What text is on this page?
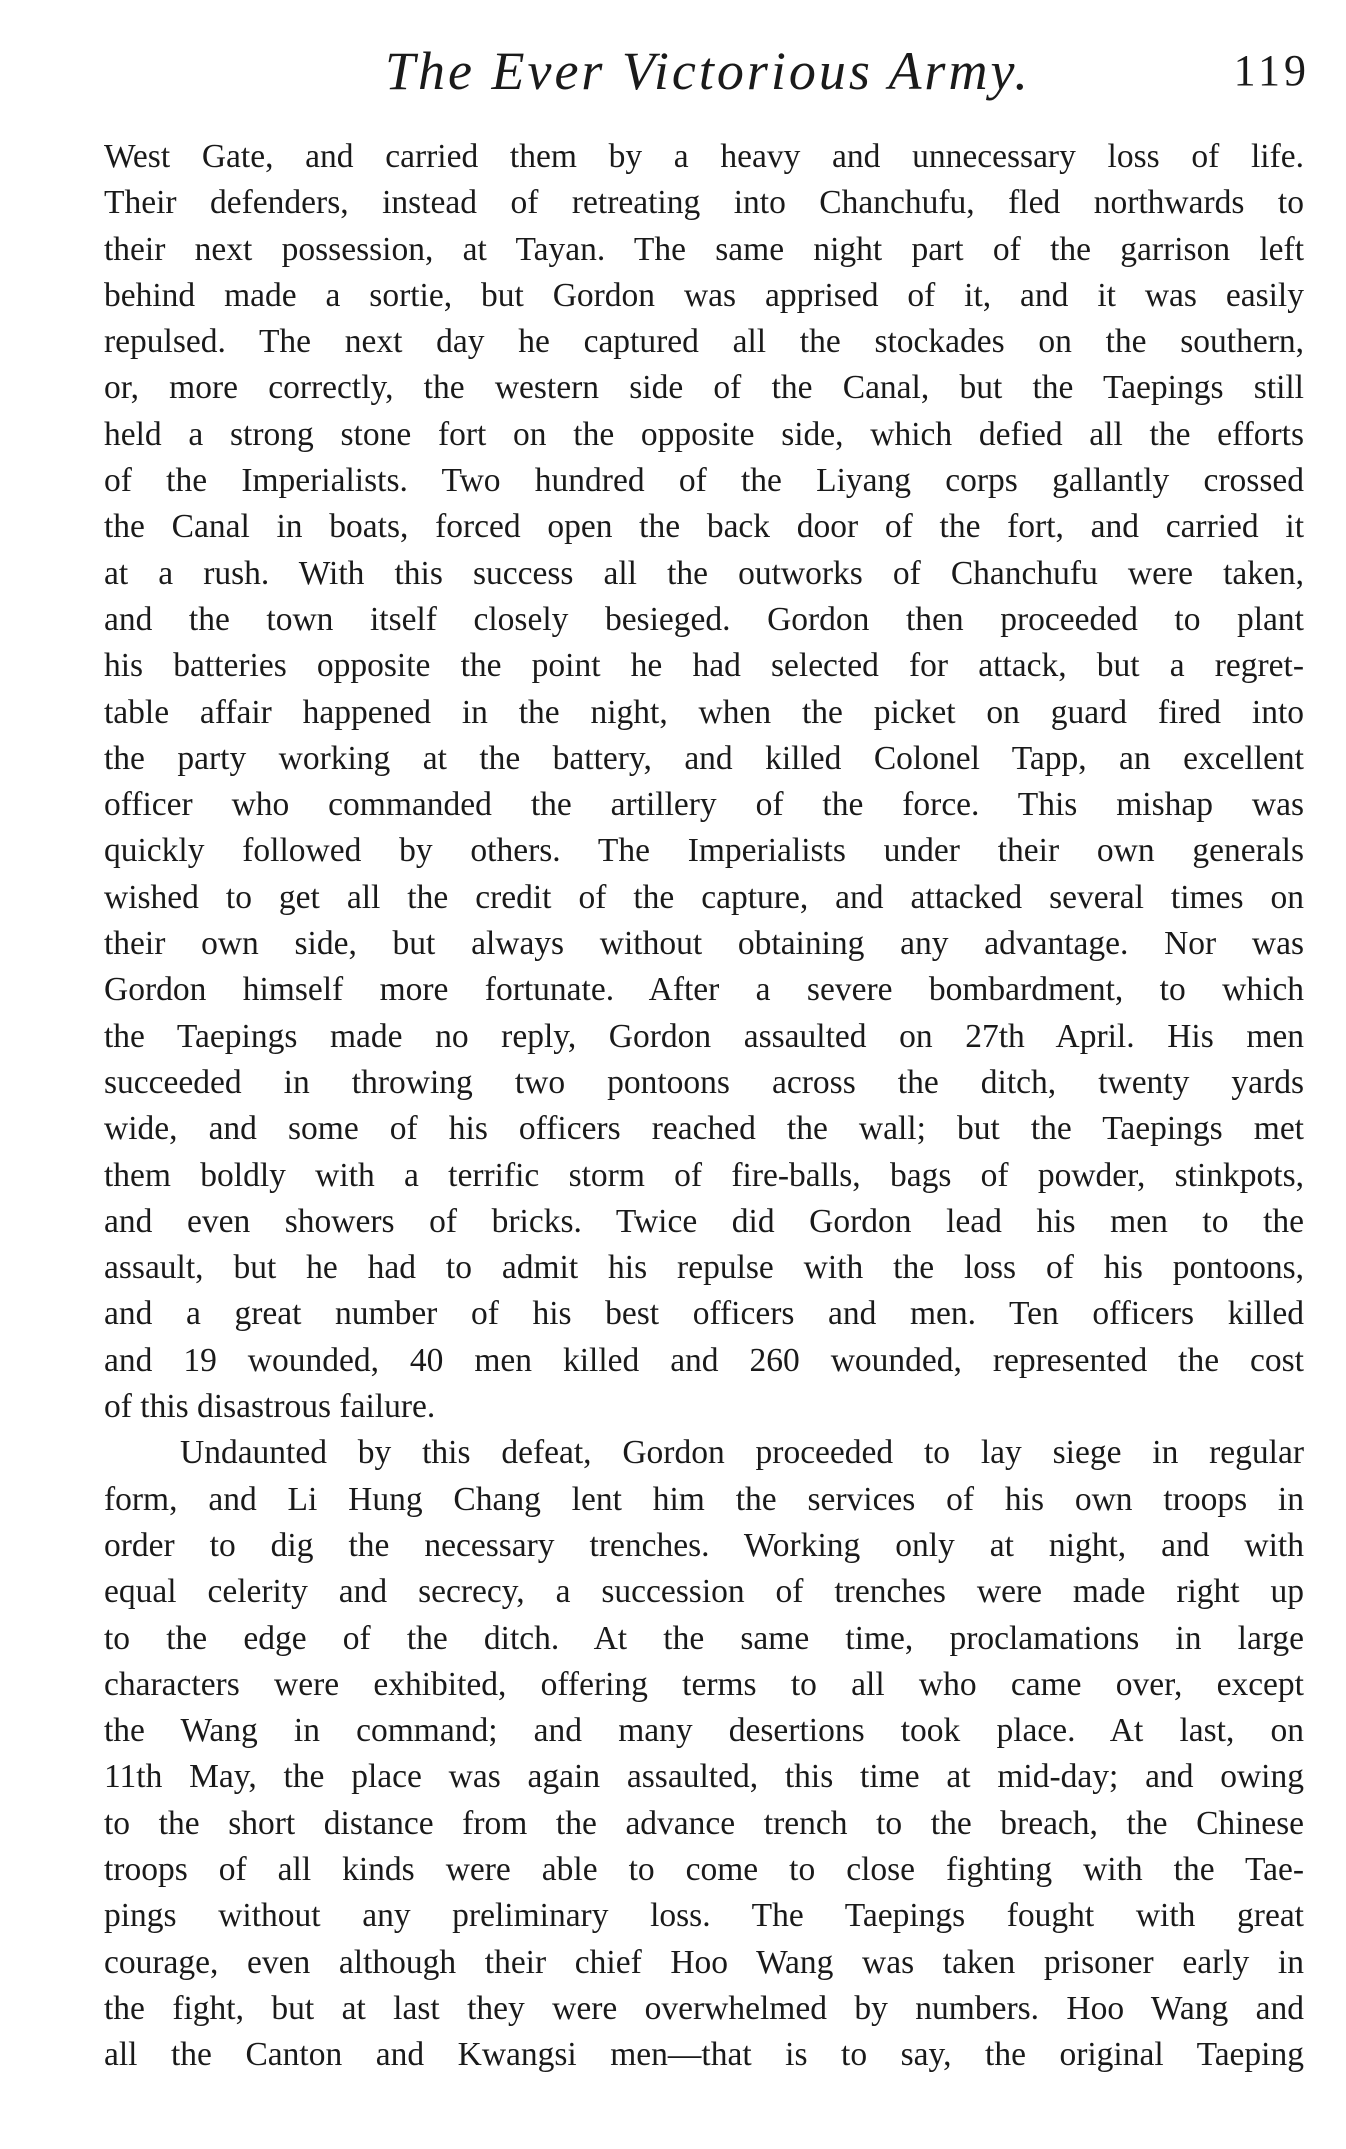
The Ever Victorious Army.	119
West Gate, and carried them by a heavy and unnecessary loss of life.
Their defenders, instead of retreating into Chanchufu, fled northwards to
their next possession, at Tayan. The same night part of the garrison left
behind made a sortie, but Gordon was apprised of it, and it was easily
repulsed. The next day he captured all the stockades on the southern,
or, more correctly, the western side of the Canal, but the Taepings still
held a strong stone fort on the opposite side, which defied all the efforts
of the Imperialists. Two hundred of the Liyang corps gallantly crossed
the Canal in boats, forced open the back door of the fort, and carried it
at a rush. With this success all the outworks of Chanchufu were taken,
and the town itself closely besieged. Gordon then proceeded to plant
his batteries opposite the point he had selected for attack, but a regret-
table affair happened in the night, when the picket on guard fired into
the party working at the battery, and killed Colonel Tapp, an excellent
officer who commanded the artillery of the force. This mishap was
quickly followed by others. The Imperialists under their own generals
wished to get all the credit of the capture, and attacked several times on
their own side, but always without obtaining any advantage. Nor was
Gordon himself more fortunate. After a severe bombardment, to which
the Taepings made no reply, Gordon assaulted on 27th April. His men
succeeded in throwing two pontoons across the ditch, twenty yards
wide, and some of his officers reached the wall; but the Taepings met
them boldly with a terrific storm of fire-balls, bags of powder, stinkpots,
and even showers of bricks. Twice did Gordon lead his men to the
assault, but he had to admit his repulse with the loss of his pontoons,
and a great number of his best officers and men. Ten officers killed
and 19 wounded, 40 men killed and 260 wounded, represented the cost
of this disastrous failure.
Undaunted by this defeat, Gordon proceeded to lay siege in regular
form, and Li Hung Chang lent him the services of his own troops in
order to dig the necessary trenches. Working only at night, and with
equal celerity and secrecy, a succession of trenches were made right up
to the edge of the ditch. At the same time, proclamations in large
characters were exhibited, offering terms to all who came over, except
the Wang in command; and many desertions took place. At last, on
11th May, the place was again assaulted, this time at mid-day; and owing
to the short distance from the advance trench to the breach, the Chinese
troops of all kinds were able to come to close fighting with the Tae-
pings without any preliminary loss. The Taepings fought with great
courage, even although their chief Hoo Wang was taken prisoner early in
the fight, but at last they were overwhelmed by numbers. Hoo Wang and
all the Canton and Kwangsi men—that is to say, the original Taeping
